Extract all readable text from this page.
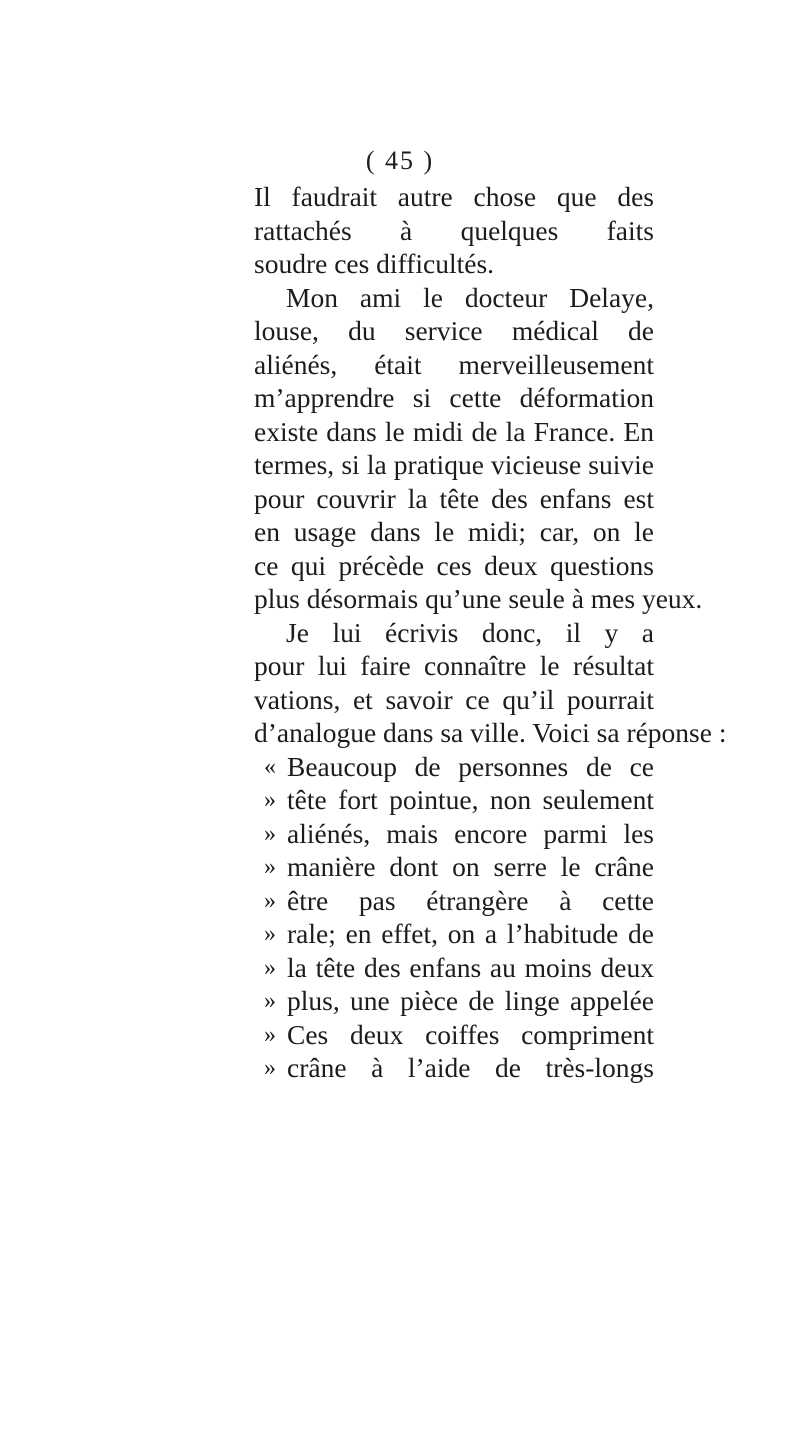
( 45 )
Il faudrait autre chose que des
rattachés à quelques faits
soudre ces difficultés.
Mon ami le docteur Delaye,
louse, du service médical de
aliénés, était merveilleusement
m’apprendre si cette déformation
existe dans le midi de la France. En
termes, si la pratique vicieuse suivie
pour couvrir la tête des enfans est
en usage dans le midi; car, on le
ce qui précède ces deux questions
plus désormais qu’une seule à mes yeux.
Je lui écrivis donc, il y a
pour lui faire connaître le résultat
vations, et savoir ce qu’il pourrait
d’analogue dans sa ville. Voici sa réponse :
« Beaucoup de personnes de ce
» tête fort pointue, non seulement
» aliénés, mais encore parmi les
» manière dont on serre le crâne
» être pas étrangère à cette
» rale; en effet, on a l’habitude de
» la tête des enfans au moins deux
» plus, une pièce de linge appelée
» Ces deux coiffes compriment
» crâne à l’aide de très-longs
